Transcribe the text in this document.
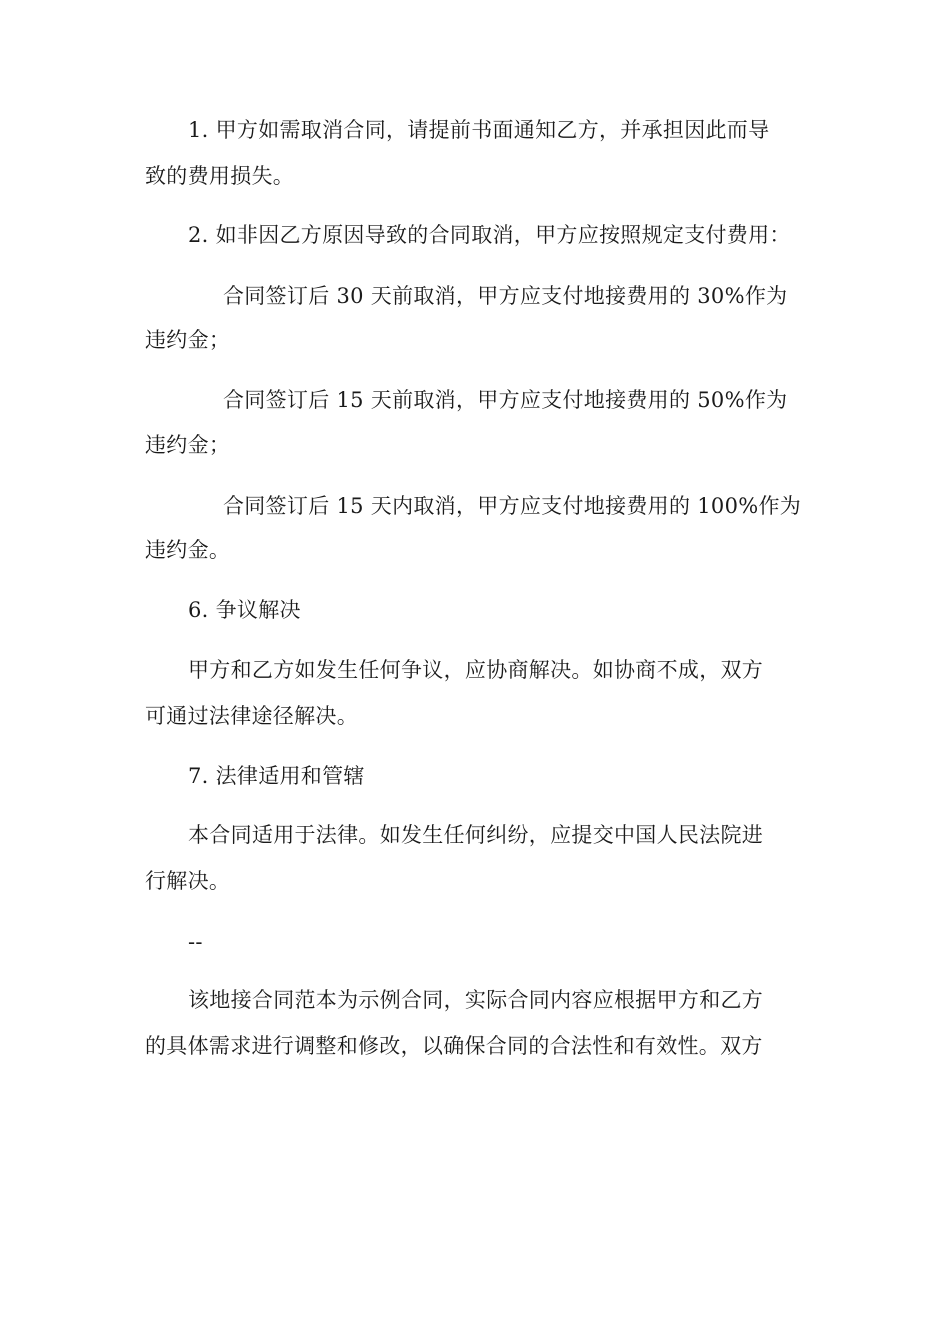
1. 甲方如需取消合同，请提前书面通知乙方，并承担因此而导
致的费用损失。
2. 如非因乙方原因导致的合同取消，甲方应按照规定支付费用：
合同签订后 30 天前取消，甲方应支付地接费用的 30%作为
违约金；
合同签订后 15 天前取消，甲方应支付地接费用的 50%作为
违约金；
合同签订后 15 天内取消，甲方应支付地接费用的 100%作为
违约金。
6. 争议解决
甲方和乙方如发生任何争议，应协商解决。如协商不成，双方
可通过法律途径解决。
7. 法律适用和管辖
本合同适用于法律。如发生任何纠纷，应提交中国人民法院进
行解决。
--
该地接合同范本为示例合同，实际合同内容应根据甲方和乙方
的具体需求进行调整和修改，以确保合同的合法性和有效性。双方
